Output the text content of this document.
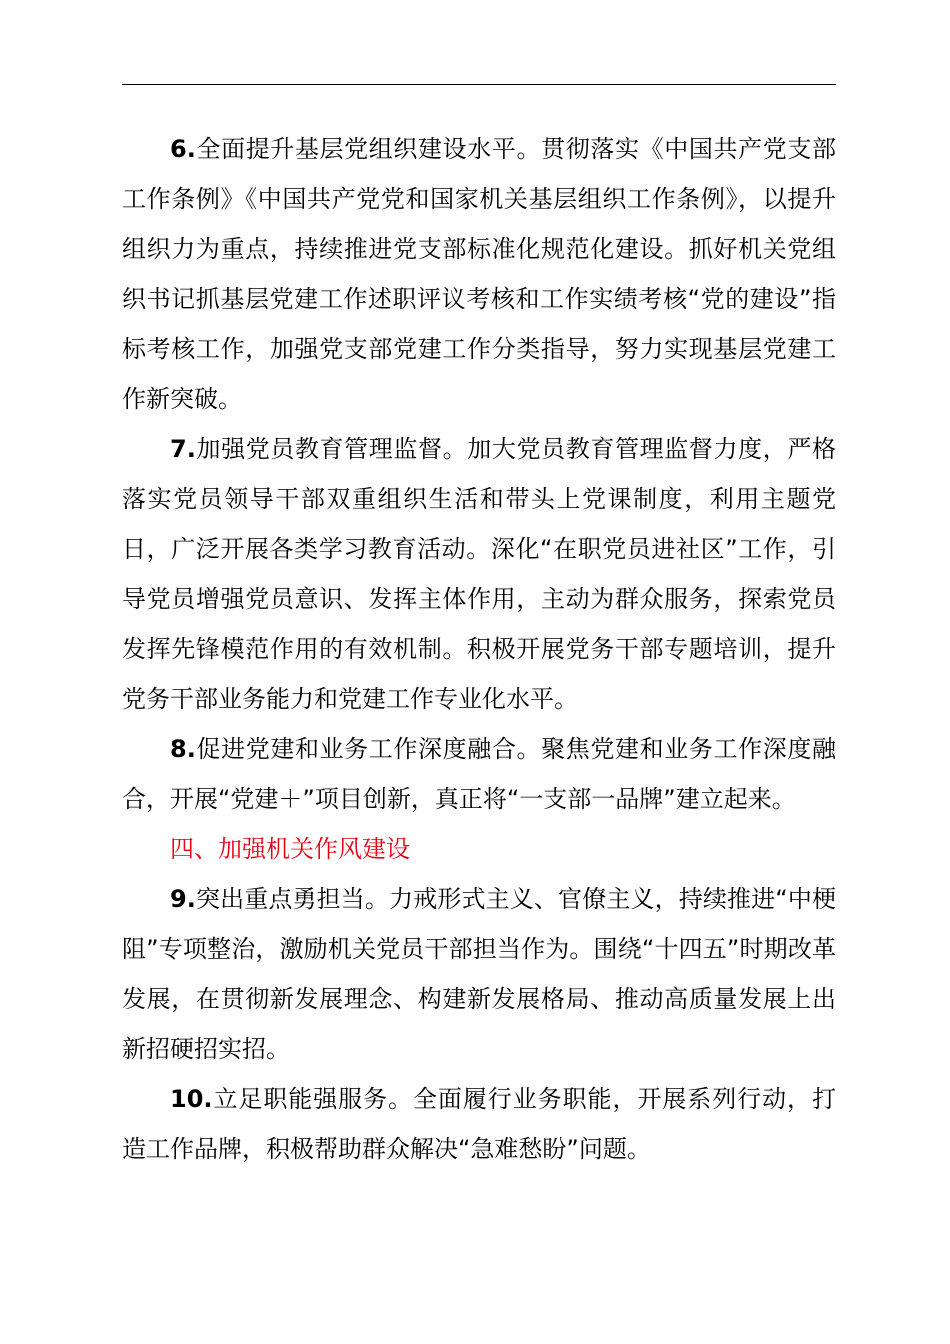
6.全面提升基层党组织建设水平。贯彻落实《中国共产党支部工作条例》《中国共产党党和国家机关基层组织工作条例》，以提升组织力为重点，持续推进党支部标准化规范化建设。抓好机关党组织书记抓基层党建工作述职评议考核和工作实绩考核“党的建设”指标考核工作，加强党支部党建工作分类指导，努力实现基层党建工作新突破。

7.加强党员教育管理监督。加大党员教育管理监督力度，严格落实党员领导干部双重组织生活和带头上党课制度，利用主题党日，广泛开展各类学习教育活动。深化“在职党员进社区”工作，引导党员增强党员意识、发挥主体作用，主动为群众服务，探索党员发挥先锋模范作用的有效机制。积极开展党务干部专题培训，提升党务干部业务能力和党建工作专业化水平。

8.促进党建和业务工作深度融合。聚焦党建和业务工作深度融合，开展“党建＋”项目创新，真正将“一支部一品牌”建立起来。

四、加强机关作风建设

9.突出重点勇担当。力戒形式主义、官僚主义，持续推进“中梗阻”专项整治，激励机关党员干部担当作为。围绕“十四五”时期改革发展，在贯彻新发展理念、构建新发展格局、推动高质量发展上出新招硬招实招。

10.立足职能强服务。全面履行业务职能，开展系列行动，打造工作品牌，积极帮助群众解决“急难愁盼”问题。
